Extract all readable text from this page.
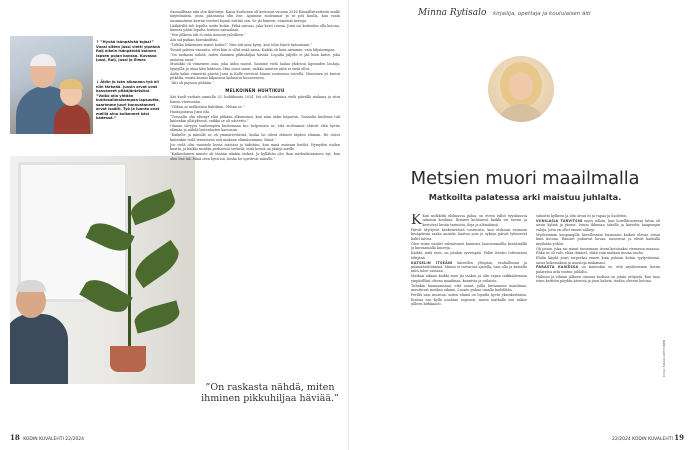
↑ ”Hyvää isänpäivää tojaa!” Vuosi sitten Jussi vietti ylpeänä Raij oikein isänpäivää kolmen lapsen pojan kanssa. Kuvassa Jussi, Raij, Jussi ja Elmer.

↓ Äidin jo isän aikanaan työ oli niin tärkeää. Jussin arvot ovat kasvaneet pitkäjänteisiksi. ”Voiko olla yhtään kuntosalimaisempaa lapsuutta, saarimme juuri tunnustaneet arvot isoäiti. Työ ja luonto ovat meillä aina kulkeneet käsi kädessä.”

Saunailltaan niin olin ikävöinyt. Kaisa Korhonen oli kertonut vuonna 2016 Kansallisteatterin mulle näytelmästä, jossa pääosassa olin itse. Ajoimme molemmat ja se piti kuulla, kun vasta ensimmäisen kerran teatteri lupasi esittää sen. Se jäi häneen, viimeisiä kertoja.

Lääkäriltä tuli lopulta soitto kotiin. Pitkä sairaus, joka kesti vuosia. Jussi sai kuitenkin olla kotona, kunnes pääsi lopulta hoitoon sairaalaan.

”Sen jälkeen äiti ei enää noussut jaloilleen.”

Äiti sai paikan hoivakodista.

”Tulitko hakemaan minut kotiin?” Niin äiti aina kysyi, kun tulin häntä katsomaan.”

Tunnit palsiva vanaista, ettei hän ei ollut enää sama. Kaikki oli kuin aiemmin, vain hiljaisempaa.

”On raskasta nähdä, miten ihminen pikkuhiljaa häviää. Lopulta jäljelle ei jää kuin katse, joka muistaa sinut.”

Musiikki oli viimeinen asia, joka äidin muisti. Saimme vielä laulaa yhdessä lapsuuden lauluja, hymyillä ja istua käsi kädessä. Hän osasi sanat, vaikka muuten niitä ei enää ollut.

Äidin kaksi viimeistä päivää Jussi ja Kalle viettivät hänen vuoteensa vierellä. Viimeinen yö tuntui pitkältä, mutta kaunis hiljaisuus laskeutui huoneeseen.

”Äiti oli pujaton pitkään.”

MELKOINEN HUHTIKUU

Äiti kuoli varhain aamulla 25. huhtikuuta 2024. Isä oli lauantaina vielä päivällä mukana ja istui hänen vieressään.

”Olihan se melkoinen huhtikuu. Olihan se.”

Hautajaisissa Jussi itki.

”Toisaalta olin ehtinyt elää pitkään alkusuruni, kun näin äidin hiipuvan. Toisaalta kuolema tuli kuitenkin yllätyksenä, vaikka se oli odotettu.”

Omaan sävyyni vanhempien kuolemaan tuo helpotusta se, että molemmat ehtivät elää hyvän elämän ja nähdä lastenlasten kasvavan.

”Kaikelle ja minulle se oli ymmärrettävää, koska he olivat eläneet täyden elämän. He olivat kuitenkin vielä viimeiseen asti mukana elämässämme, läsnä.”

Joo vielä olisi muistelu kuvia isästäni ja äidistäni, kun minä muistan heidät. Hymyilen niiden kautta, ja kaikki meidän perheessä tietävät, mitä heistä on jäänyt meille.

”Kaikenlainen muisto oli tänään niinkin tärkeä. Ja kyllähän olet ihan mielenkiintoinen nyt, kun olen itse isä. Minä olen hyvä isä, koska he opettivat minulle.”

”On raskasta nähdä, miten ihminen pikkuhiljaa häviää.”
18 KODIN KUVALEHTI 22/2024
Minna Rytisalo kirjailija, opettaja ja koululaisen äiti
Metsien muori maailmalla
Matkoilta palatessa arki maistuu juhlalta.

K Kun mökkiltä elokuussa palaa, on eteen tullut syyskuussa takaisin kouluun. Ihmiset kohtaavat kaikki eri tavoin ja kertoivat kesän tarinoita, iloja ja elämäänsä.

Päivät täyttyvät keskenerästä vastuusta, kun elokuun vaimean kesäpäivän raaka aurinko kaatuu pois ja syksyn päivät lyhenevät kohti talvea.

Olen viime vuodet valmistanut kaunista luonnonmallia keräämällä ja kuivaamalla kasveja.

Kaikki, mitä teen, on jotakin syvempää. Pidän itseäni tottuneena tekijänä.

KATSELIN ITSEÄNI katsellen ylöspäin, rauhallisena ja päämäärättömänä. Minun ei tarvinnut ajatella, vain olla ja katsella mitä tulee vastaan.

Matkan aikana kaikki muu jäi taakse ja olin vapaa tarkkailemaan ympärilläni olevaa maailmaa, kaunista ja erilaista.

Tulinkin huomaamaan, että sanat, joilla kuvaamme maailmaa, muuttuvat matkan aikana. Luonto puhuu omalla kielellään.

Perillä sain muistaa, miten elämä on lopulta hyvin yksinkertaista. Kotona sen kyllä unohtaa nopeasti, mutta matkalla sen näkee jälleen kirkkaasti.

sulautin kylkeen ja olin aivan iti ja vapaa ja huoleton.

VIINILASIA TARVITSIN myös silloin, kun hotellihuoneeni lattia oli aivan kylmä ja pimeä. Istuin ikkunan äärellä ja katselin kaupungin valoja, joita en ollut ennen nähnyt.

Myöhemmin kaupungilla kävellessäni huomasin kaiken olevan toisin kuin kotona. Ihmiset puhuivat kovaa, nauroivat ja elivät kaduilla myöhään yöhön.

Oli jotain, joka sai minut tuntemaan itseni kotoisaksi vieraassa maassa. Ehkä se oli valo, ehkä ihmiset, ehkä vain matkan tuoma rauha.

Ehdin käydä juuri tarpeeksi ennen kuin palasin kotiin tyytyväisenä, uusia kokemuksia ja muistoja mukanani.

PARASTA KAIKESSA on kuitenkin se, että myöhemmin kotiin palatessa arki tuntuu juhlalta.

Hulinan ja vilinan jälkeen omassa kodissa on jotain erityistä. Kun taas istun keittiön pöydän ääressä ja juon kahvia, tiedän olevani kotona.

KUVA: MARIA LEHTONEN
22/2024 KODIN KUVALEHTI 19
